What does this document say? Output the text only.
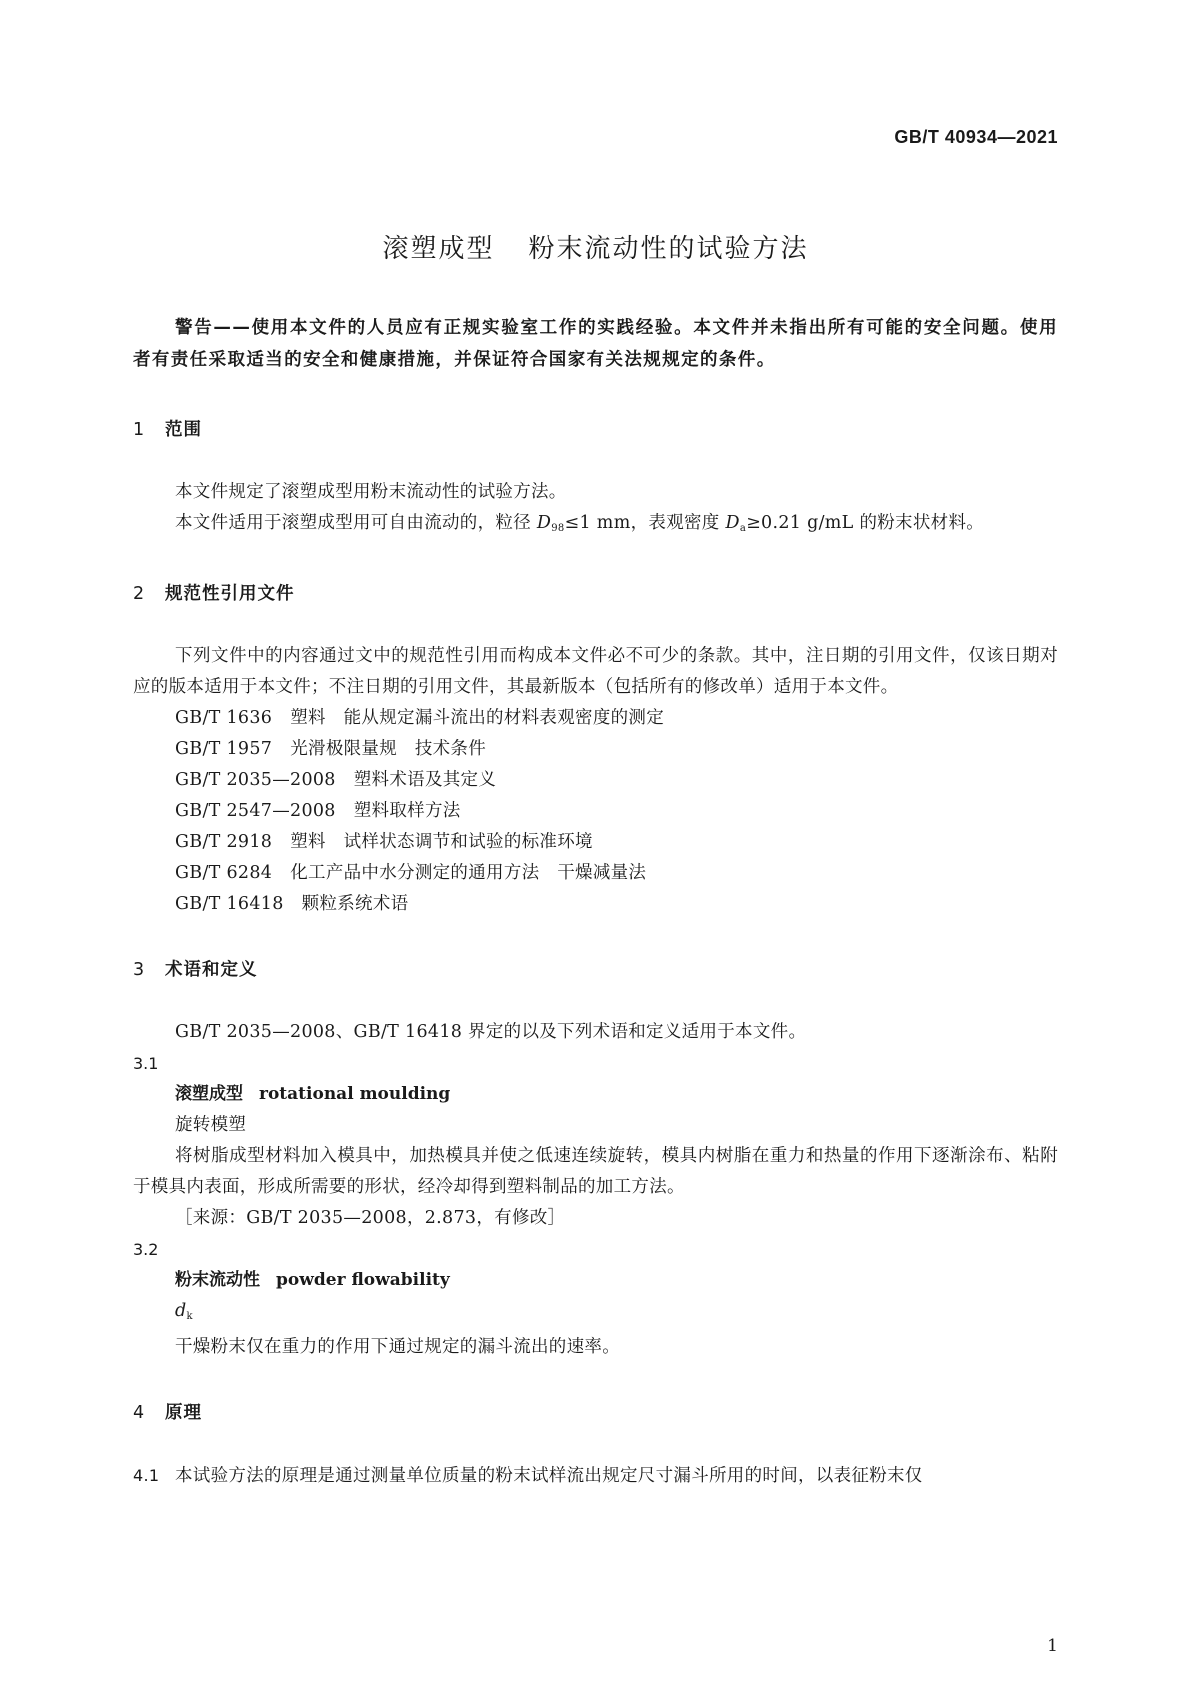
GB/T 40934—2021
滚塑成型 粉末流动性的试验方法

警告——使用本文件的人员应有正规实验室工作的实践经验。本文件并未指出所有可能的安全问题。使用者有责任采取适当的安全和健康措施，并保证符合国家有关法规规定的条件。

1 范围

本文件规定了滚塑成型用粉末流动性的试验方法。

本文件适用于滚塑成型用可自由流动的，粒径 $D_{98}\le 1$ mm，表观密度 $D_a\ge 0.21$ g/mL 的粉末状材料。

2 规范性引用文件

下列文件中的内容通过文中的规范性引用而构成本文件必不可少的条款。其中，注日期的引用文件，仅该日期对应的版本适用于本文件；不注日期的引用文件，其最新版本（包括所有的修改单）适用于本文件。

GB/T 1636 塑料　能从规定漏斗流出的材料表观密度的测定

GB/T 1957 光滑极限量规　技术条件

GB/T 2035—2008 塑料术语及其定义

GB/T 2547—2008 塑料取样方法

GB/T 2918 塑料　试样状态调节和试验的标准环境

GB/T 6284 化工产品中水分测定的通用方法　干燥减量法

GB/T 16418 颗粒系统术语

3 术语和定义

GB/T 2035—2008、GB/T 16418 界定的以及下列术语和定义适用于本文件。

3.1

滚塑成型 rotational moulding

旋转模塑

将树脂成型材料加入模具中，加热模具并使之低速连续旋转，模具内树脂在重力和热量的作用下逐渐涂布、粘附于模具内表面，形成所需要的形状，经冷却得到塑料制品的加工方法。

［来源：GB/T 2035—2008，2.873，有修改］

3.2

粉末流动性 powder flowability

$d_k$

干燥粉末仅在重力的作用下通过规定的漏斗流出的速率。

4 原理

4.1 本试验方法的原理是通过测量单位质量的粉末试样流出规定尺寸漏斗所用的时间，以表征粉末仅

1
